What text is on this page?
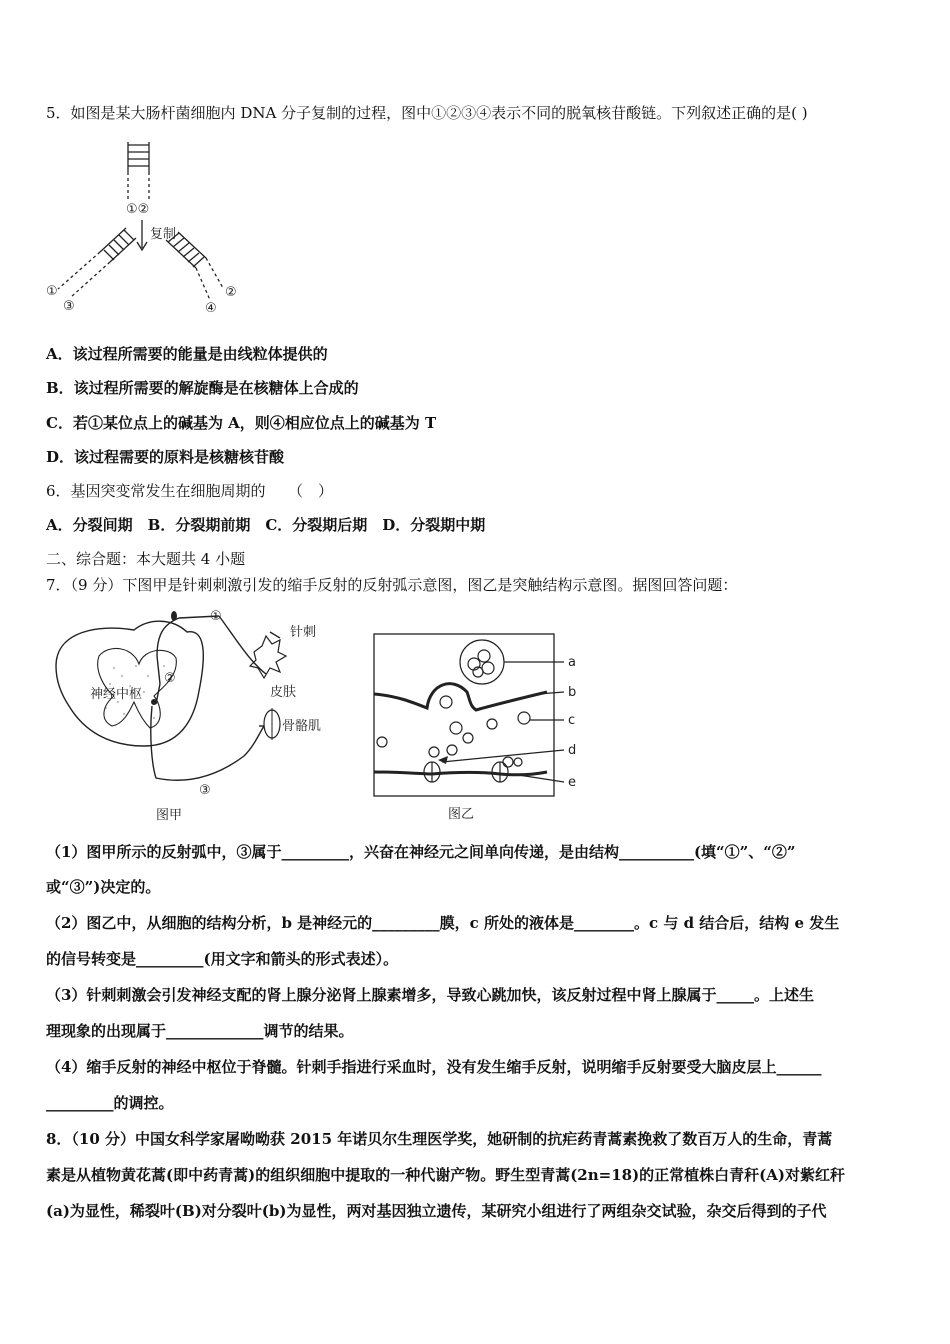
5．如图是某大肠杆菌细胞内 DNA 分子复制的过程，图中①②③④表示不同的脱氧核苷酸链。下列叙述正确的是( )
①②
复制
①
③
②
④
A．该过程所需要的能量是由线粒体提供的
B．该过程所需要的解旋酶是在核糖体上合成的
C．若①某位点上的碱基为 A，则④相应位点上的碱基为 T
D．该过程需要的原料是核糖核苷酸
6．基因突变常发生在细胞周期的　　（　）
A．分裂间期　B．分裂期前期　C．分裂期后期　D．分裂期中期
二、综合题：本大题共 4 小题
7．（9 分）下图甲是针刺刺激引发的缩手反射的反射弧示意图，图乙是突触结构示意图。据图回答问题：
①
②
③
神经中枢
针刺
皮肤
骨骼肌
图甲
a
b
c
d
e
图乙
（1）图甲所示的反射弧中，③属于_________，兴奋在神经元之间单向传递，是由结构__________(填“①”、“②”
或“③”)决定的。
（2）图乙中，从细胞的结构分析，b 是神经元的_________膜，c 所处的液体是________。c 与 d 结合后，结构 e 发生
的信号转变是_________(用文字和箭头的形式表述）。
（3）针刺刺激会引发神经支配的肾上腺分泌肾上腺素增多，导致心跳加快，该反射过程中肾上腺属于_____。上述生
理现象的出现属于_____________调节的结果。
（4）缩手反射的神经中枢位于脊髓。针刺手指进行采血时，没有发生缩手反射，说明缩手反射要受大脑皮层上______
_________的调控。
8．（10 分）中国女科学家屠呦呦获 2015 年诺贝尔生理医学奖，她研制的抗疟药青蒿素挽救了数百万人的生命，青蒿
素是从植物黄花蒿(即中药青蒿)的组织细胞中提取的一种代谢产物。野生型青蒿(2n=18)的正常植株白青秆(A)对紫红秆
(a)为显性，稀裂叶(B)对分裂叶(b)为显性，两对基因独立遗传，某研究小组进行了两组杂交试验，杂交后得到的子代
